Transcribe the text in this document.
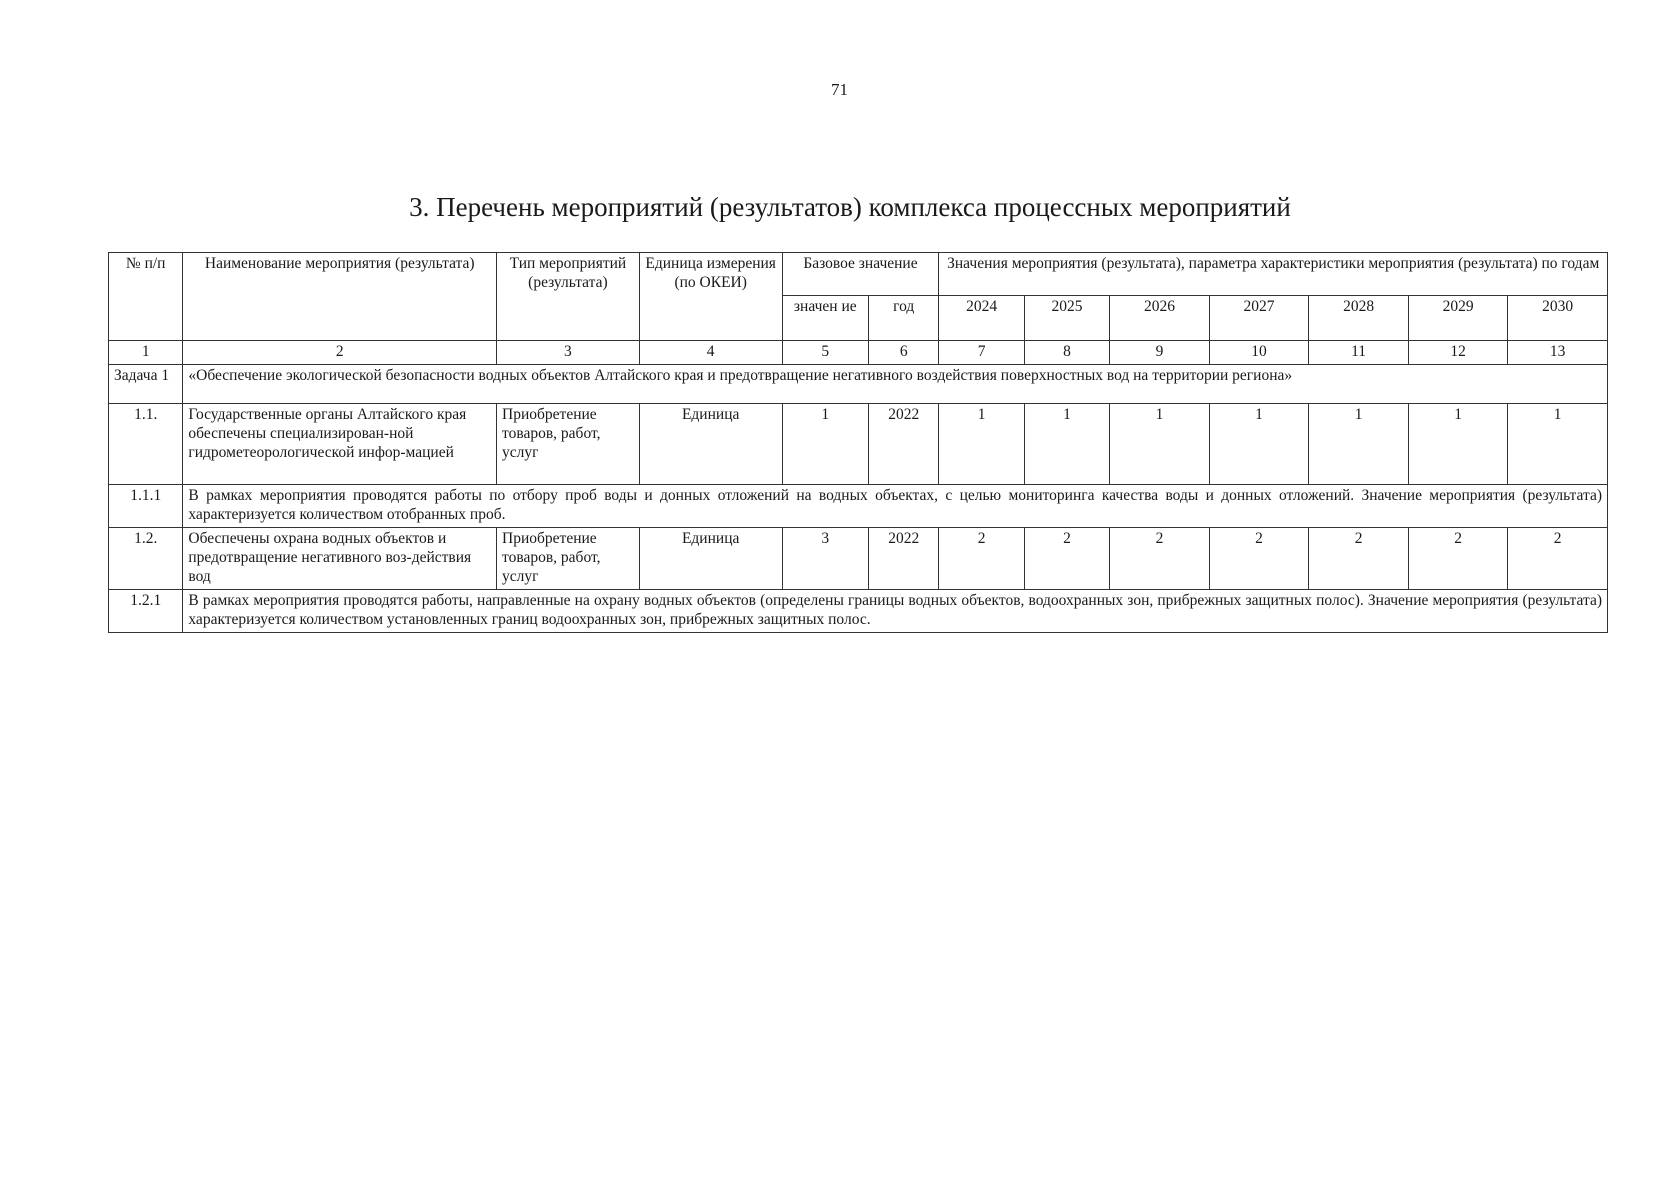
71
3. Перечень мероприятий (результатов) комплекса процессных мероприятий
№ п/п	Наименование мероприятия (результата)	Тип мероприятий (результата)	Единица измерения (по ОКЕИ)	Базовое значение		Значения мероприятия (результата), параметра характеристики мероприятия (результата) по годам						
				значен ие	год	2024	2025	2026	2027	2028	2029	2030
1	2	3	4	5	6	7	8	9	10	11	12	13
Задача 1	«Обеспечение экологической безопасности водных объектов Алтайского края и предотвращение негативного воздействия поверхностных вод на территории региона»											
1.1.	Государственные органы Алтайского края обеспечены специализирован-ной гидрометеорологической инфор-мацией	Приобретение товаров, работ, услуг	Единица	1	2022	1	1	1	1	1	1	1
1.1.1	В рамках мероприятия проводятся работы по отбору проб воды и донных отложений на водных объектах, с целью мониторинга качества воды и донных отложений. Значение мероприятия (результата) характеризуется количеством отобранных проб.											
1.2.	Обеспечены охрана водных объектов и предотвращение негативного воз-действия вод	Приобретение товаров, работ, услуг	Единица	3	2022	2	2	2	2	2	2	2
1.2.1	В рамках мероприятия проводятся работы, направленные на охрану водных объектов (определены границы водных объектов, водоохранных зон, прибрежных защитных полос). Значение мероприятия (результата) характеризуется количеством установленных границ водоохранных зон, прибрежных защитных полос.											
